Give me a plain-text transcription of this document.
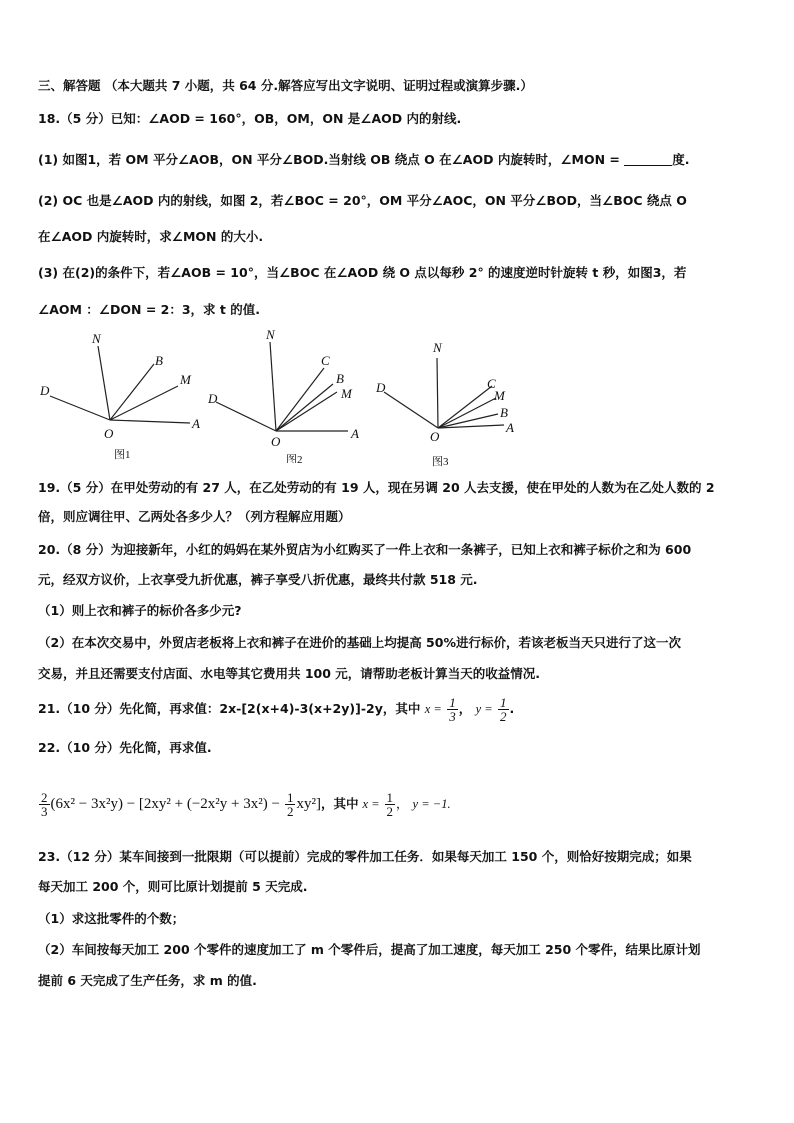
三、解答题 （本大题共 7 小题，共 64 分.解答应写出文字说明、证明过程或演算步骤.）
18.（5 分）已知：∠AOD = 160°，OB，OM，ON 是∠AOD 内的射线.
(1) 如图1，若 OM 平分∠AOB，ON 平分∠BOD.当射线 OB 绕点 O 在∠AOD 内旋转时，∠MON =	度.
(2) OC 也是∠AOD 内的射线，如图 2，若∠BOC = 20°，OM 平分∠AOC，ON 平分∠BOD，当∠BOC 绕点 O
在∠AOD 内旋转时，求∠MON 的大小.
(3) 在(2)的条件下，若∠AOB = 10°，当∠BOC 在∠AOD 绕 O 点以每秒 2° 的速度逆时针旋转 t 秒，如图3，若
∠AOM ：∠DON = 2：3，求 t 的值.
N
B
M
D
O
A
图1
N
C
B
M
D
O
A
图2
N
C
M
B
D
O
A
图3
19.（5 分）在甲处劳动的有 27 人，在乙处劳动的有 19 人，现在另调 20 人去支援，使在甲处的人数为在乙处人数的 2
倍，则应调往甲、乙两处各多少人？（列方程解应用题）
20.（8 分）为迎接新年，小红的妈妈在某外贸店为小红购买了一件上衣和一条裤子，已知上衣和裤子标价之和为 600
元，经双方议价，上衣享受九折优惠，裤子享受八折优惠，最终共付款 518 元.
（1）则上衣和裤子的标价各多少元?
（2）在本次交易中，外贸店老板将上衣和裤子在进价的基础上均提高 50%进行标价，若该老板当天只进行了这一次
交易，并且还需要支付店面、水电等其它费用共 100 元，请帮助老板计算当天的收益情况.
21.（10 分）先化简，再求值：2x-[2(x+4)-3(x+2y)]-2y，其中 $x = \frac{1}{3}$ ， $y = \frac{1}{2}$ .
22.（10 分）先化简，再求值.
$\frac{2}{3} (6x^2 - 3x^2y) - [2xy^2 + (-2x^2y + 3x^2) - \frac{1}{2} xy^2]$，其中 $x = \frac{1}{2}$ ， y = −1.
23.（12 分）某车间接到一批限期（可以提前）完成的零件加工任务．如果每天加工 150 个，则恰好按期完成；如果
每天加工 200 个，则可比原计划提前 5 天完成.
（1）求这批零件的个数；
（2）车间按每天加工 200 个零件的速度加工了 m 个零件后，提高了加工速度，每天加工 250 个零件，结果比原计划
提前 6 天完成了生产任务，求 m 的值.
